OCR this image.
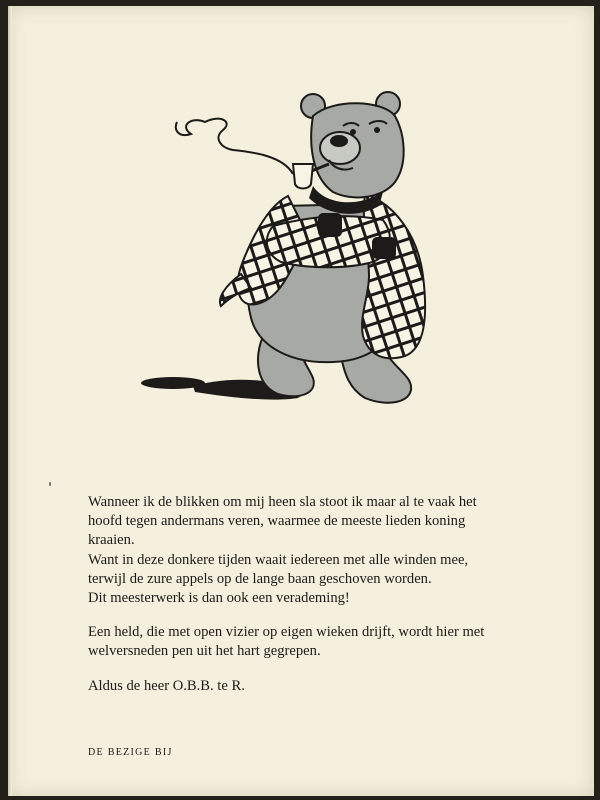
Wanneer ik de blikken om mij heen sla stoot ik maar al te vaak het
hoofd tegen andermans veren, waarmee de meeste lieden koning
kraaien.
Want in deze donkere tijden waait iedereen met alle winden mee,
terwijl de zure appels op de lange baan geschoven worden.
Dit meesterwerk is dan ook een verademing!

Een held, die met open vizier op eigen wieken drijft, wordt hier met
welversneden pen uit het hart gegrepen.

Aldus de heer O.B.B. te R.

DE BEZIGE BIJ
